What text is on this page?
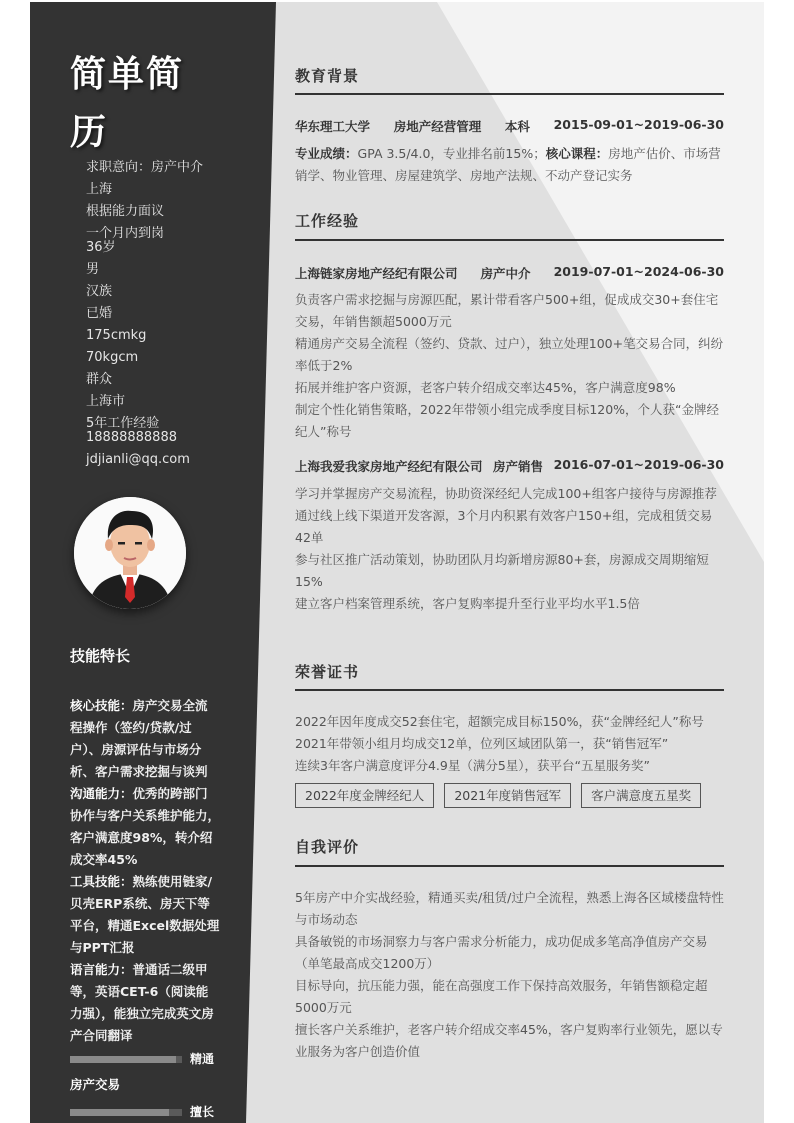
简单简历
求职意向：房产中介
上海
根据能力面议
一个月内到岗
36岁
男
汉族
已婚
175cmkg
70kgcm
群众
上海市
5年工作经验
18888888888
jdjianli@qq.com
技能特长
核心技能：房产交易全流程操作（签约/贷款/过户）、房源评估与市场分析、客户需求挖掘与谈判
沟通能力：优秀的跨部门协作与客户关系维护能力，客户满意度98%，转介绍成交率45%
工具技能：熟练使用链家/贝壳ERP系统、房天下等平台，精通Excel数据处理与PPT汇报
语言能力：普通话二级甲等，英语CET-6（阅读能力强），能独立完成英文房产合同翻译
精通
房产交易
擅长
教育背景
华东理工大学 房地产经营管理 本科 2015-09-01~2019-06-30
专业成绩：GPA 3.5/4.0，专业排名前15%；核心课程：房地产估价、市场营销学、物业管理、房屋建筑学、房地产法规、不动产登记实务
工作经验
上海链家房地产经纪有限公司 房产中介 2019-07-01~2024-06-30
负责客户需求挖掘与房源匹配，累计带看客户500+组，促成成交30+套住宅交易，年销售额超5000万元
精通房产交易全流程（签约、贷款、过户），独立处理100+笔交易合同，纠纷率低于2%
拓展并维护客户资源，老客户转介绍成交率达45%，客户满意度98%
制定个性化销售策略，2022年带领小组完成季度目标120%，个人获“金牌经纪人”称号
上海我爱我家房地产经纪有限公司 房产销售 2016-07-01~2019-06-30
学习并掌握房产交易流程，协助资深经纪人完成100+组客户接待与房源推荐
通过线上线下渠道开发客源，3个月内积累有效客户150+组，完成租赁交易42单
参与社区推广活动策划，协助团队月均新增房源80+套，房源成交周期缩短15%
建立客户档案管理系统，客户复购率提升至行业平均水平1.5倍
荣誉证书
2022年因年度成交52套住宅，超额完成目标150%，获“金牌经纪人”称号
2021年带领小组月均成交12单，位列区域团队第一，获“销售冠军”
连续3年客户满意度评分4.9星（满分5星），获平台“五星服务奖”
2022年度金牌经纪人	2021年度销售冠军	客户满意度五星奖
自我评价
5年房产中介实战经验，精通买卖/租赁/过户全流程，熟悉上海各区域楼盘特性与市场动态
具备敏锐的市场洞察力与客户需求分析能力，成功促成多笔高净值房产交易（单笔最高成交1200万）
目标导向，抗压能力强，能在高强度工作下保持高效服务，年销售额稳定超5000万元
擅长客户关系维护，老客户转介绍成交率45%，客户复购率行业领先，愿以专业服务为客户创造价值
